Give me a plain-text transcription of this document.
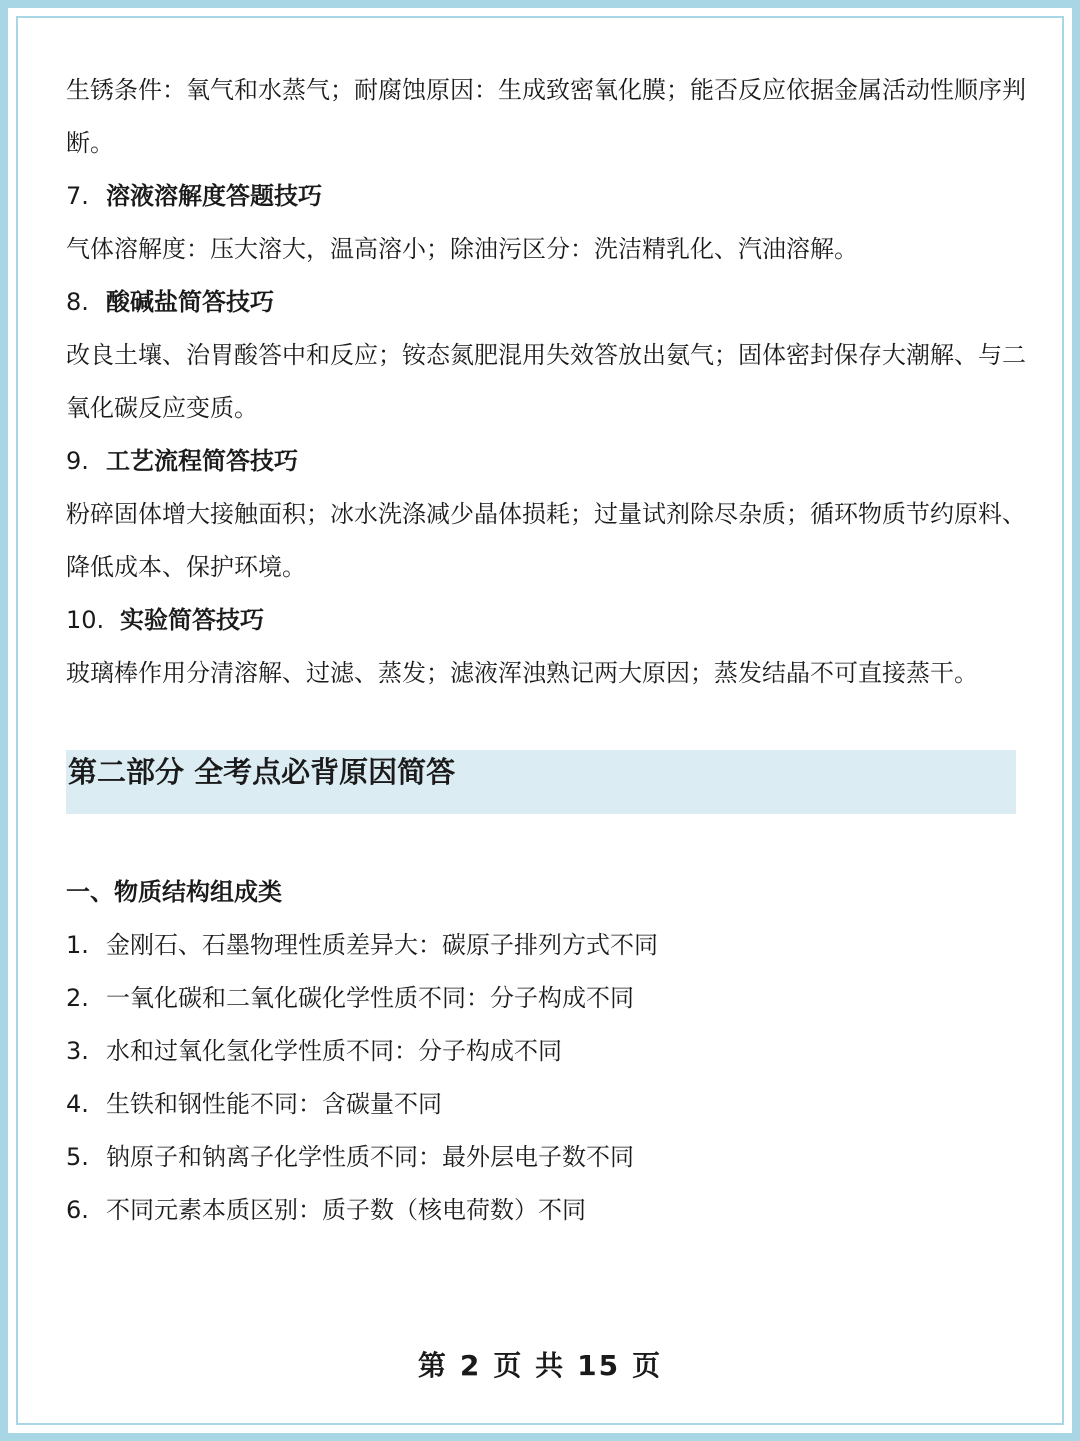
生锈条件：氧气和水蒸气；耐腐蚀原因：生成致密氧化膜；能否反应依据金属活动性顺序判断。

7. 溶液溶解度答题技巧

气体溶解度：压大溶大，温高溶小；除油污区分：洗洁精乳化、汽油溶解。

8. 酸碱盐简答技巧

改良土壤、治胃酸答中和反应；铵态氮肥混用失效答放出氨气；固体密封保存大潮解、与二氧化碳反应变质。

9. 工艺流程简答技巧

粉碎固体增大接触面积；冰水洗涤减少晶体损耗；过量试剂除尽杂质；循环物质节约原料、降低成本、保护环境。

10. 实验简答技巧

玻璃棒作用分清溶解、过滤、蒸发；滤液浑浊熟记两大原因；蒸发结晶不可直接蒸干。

第二部分 全考点必背原因简答
一、物质结构组成类

1. 金刚石、石墨物理性质差异大：碳原子排列方式不同

2. 一氧化碳和二氧化碳化学性质不同：分子构成不同

3. 水和过氧化氢化学性质不同：分子构成不同

4. 生铁和钢性能不同：含碳量不同

5. 钠原子和钠离子化学性质不同：最外层电子数不同

6. 不同元素本质区别：质子数（核电荷数）不同

第 2 页 共 15 页
